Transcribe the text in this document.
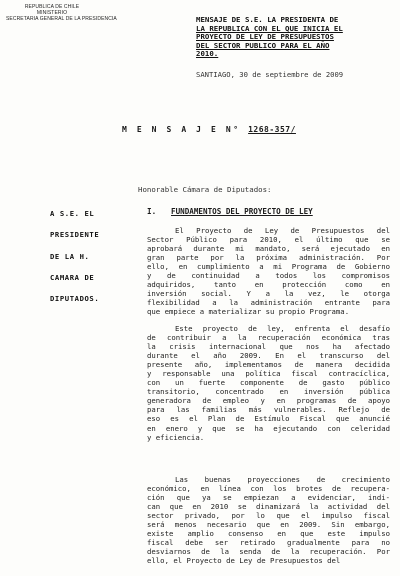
REPUBLICA DE CHILE
MINISTERIO
SECRETARIA GENERAL DE LA PRESIDENCIA	MENSAJE DE S.E. LA PRESIDENTA DE
LA REPUBLICA CON EL QUE INICIA EL
PROYECTO DE LEY DE PRESUPUESTOS
DEL SECTOR PUBLICO PARA EL AÑO
2010.
SANTIAGO, 30 de septiembre de 2009
M E N S A J E N° 1268-357/
Honorable Cámara de Diputados:
A S.E. EL
PRESIDENTE
DE LA H.
CAMARA DE
DIPUTADOS.
I. FUNDAMENTOS DEL PROYECTO DE LEY
El Proyecto de Ley de Presupuestos del
Sector Público para 2010, el último que se
aprobará durante mi mandato, será ejecutado en
gran parte por la próxima administración. Por
ello, en cumplimiento a mi Programa de Gobierno
y de continuidad a todos los compromisos
adquiridos, tanto en protección como en
inversión social. Y a la vez, le otorga
flexibilidad a la administración entrante para
que empiece a materializar su propio Programa.
Este proyecto de ley, enfrenta el desafío
de contribuir a la recuperación económica tras
la crisis internacional que nos ha afectado
durante el año 2009. En el transcurso del
presente año, implementamos de manera decidida
y responsable una política fiscal contracíclica,
con un fuerte componente de gasto público
transitorio, concentrado en inversión pública
generadora de empleo y en programas de apoyo
para las familias más vulnerables. Reflejo de
eso es el Plan de Estímulo Fiscal que anuncié
en enero y que se ha ejecutando con celeridad
y eficiencia.
Las buenas proyecciones de crecimiento
económico, en línea con los brotes de recupera-
ción que ya se empiezan a evidenciar, indi-
can que en 2010 se dinamizará la actividad del
sector privado, por lo que el impulso fiscal
será menos necesario que en 2009. Sin embargo,
existe amplio consenso en que este impulso
fiscal debe ser retirado gradualmente para no
desviarnos de la senda de la recuperación. Por
ello, el Proyecto de Ley de Presupuestos del
